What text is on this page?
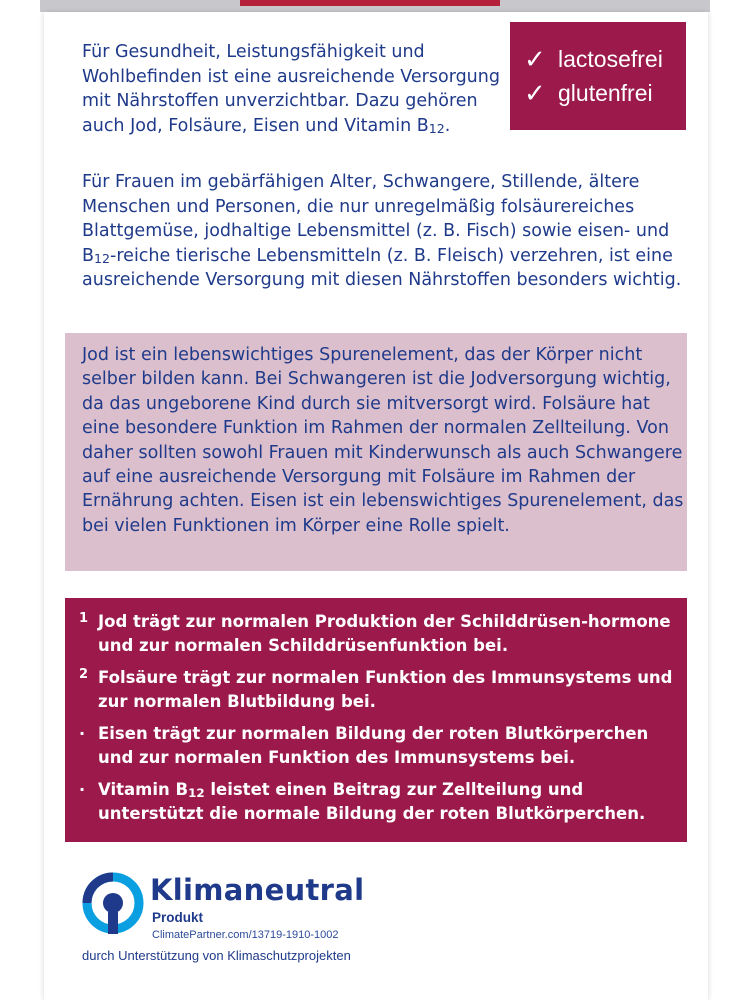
Für Gesundheit, Leistungsfähigkeit und Wohlbefinden ist eine ausreichende Versorgung mit Nährstoffen unverzichtbar. Dazu gehören auch Jod, Folsäure, Eisen und Vitamin $B_{12}$.

✓ lactosefrei
✓ glutenfrei

Für Frauen im gebärfähigen Alter, Schwangere, Stillende, ältere Menschen und Personen, die nur unregelmäßig folsäurereiches Blattgemüse, jodhaltige Lebensmittel (z. B. Fisch) sowie eisen- und $B_{12}$-reiche tierische Lebensmitteln (z. B. Fleisch) verzehren, ist eine ausreichende Versorgung mit diesen Nährstoffen besonders wichtig.

Jod ist ein lebenswichtiges Spurenelement, das der Körper nicht selber bilden kann. Bei Schwangeren ist die Jodversorgung wichtig, da das ungeborene Kind durch sie mitversorgt wird. Folsäure hat eine besondere Funktion im Rahmen der normalen Zellteilung. Von daher sollten sowohl Frauen mit Kinderwunsch als auch Schwangere auf eine ausreichende Versorgung mit Folsäure im Rahmen der Ernährung achten. Eisen ist ein lebenswichtiges Spurenelement, das bei vielen Funktionen im Körper eine Rolle spielt.

1 Jod trägt zur normalen Produktion der Schilddrüsen-hormone und zur normalen Schilddrüsenfunktion bei.
2 Folsäure trägt zur normalen Funktion des Immunsystems und zur normalen Blutbildung bei.
· Eisen trägt zur normalen Bildung der roten Blutkörperchen und zur normalen Funktion des Immunsystems bei.
· Vitamin $B_{12}$ leistet einen Beitrag zur Zellteilung und unterstützt die normale Bildung der roten Blutkörperchen.
Klimaneutral
Produkt
ClimatePartner.com/13719-1910-1002
durch Unterstützung von Klimaschutzprojekten
